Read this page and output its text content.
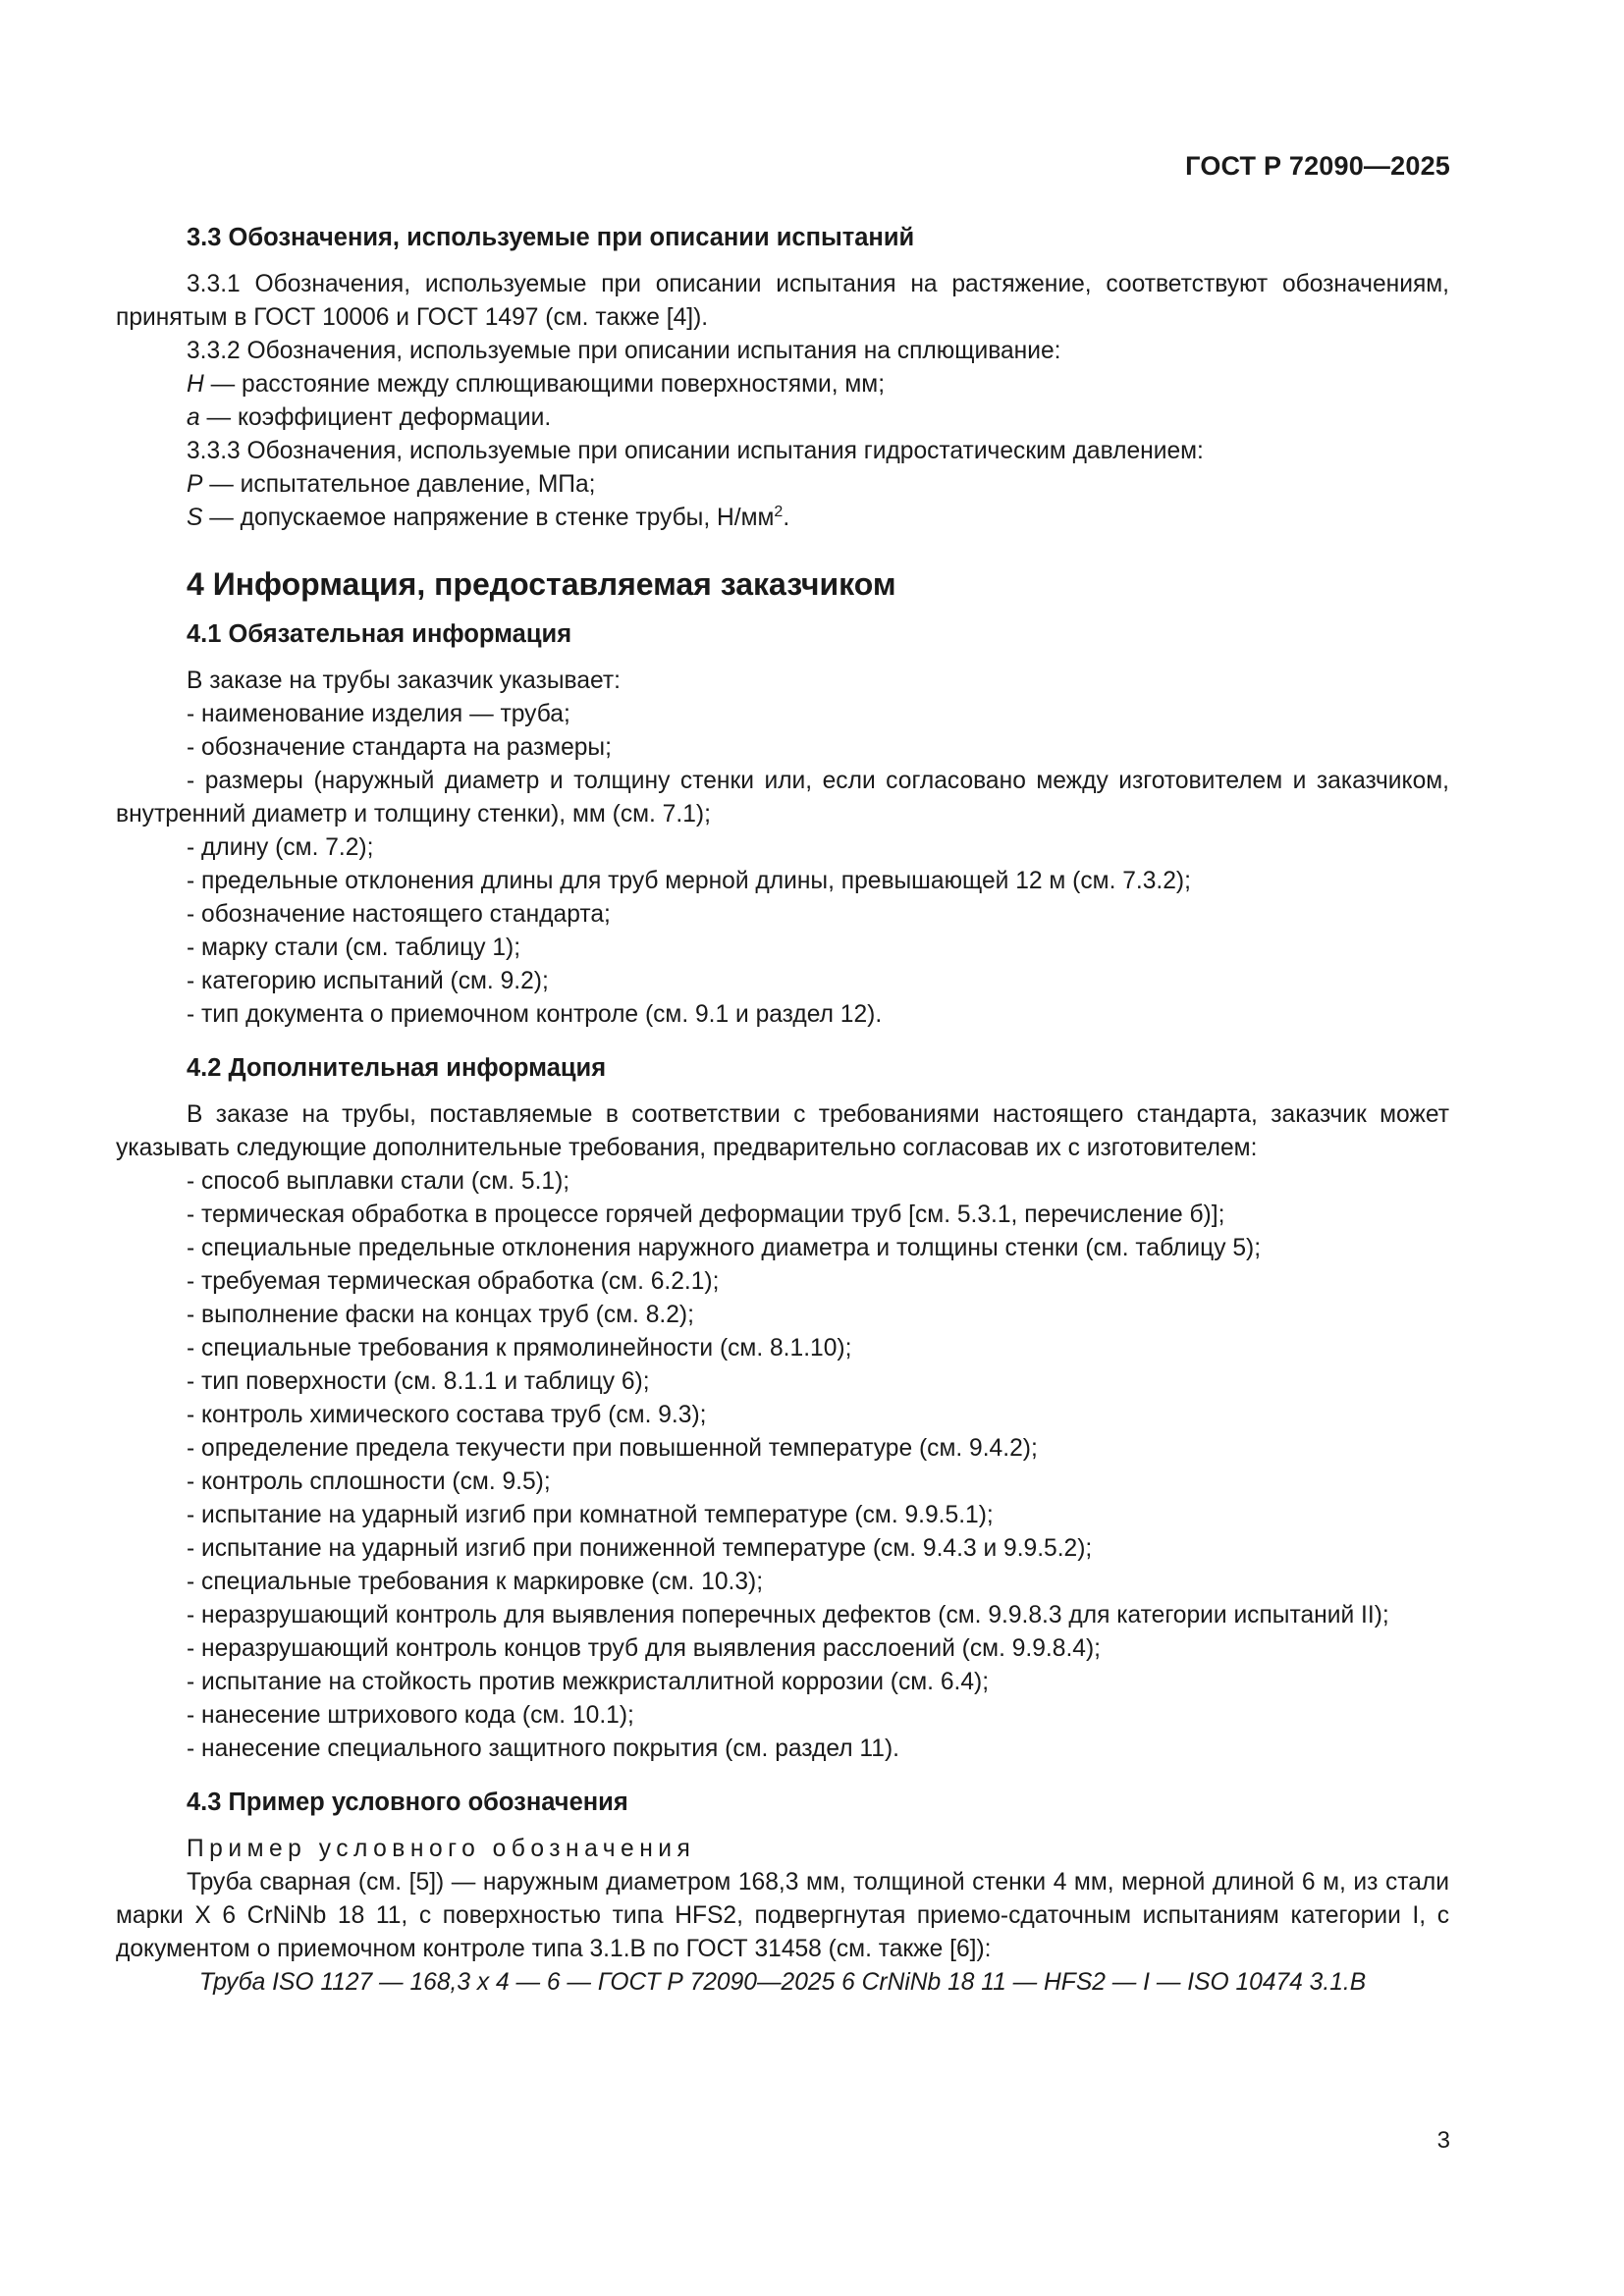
ГОСТ Р 72090—2025

3.3 Обозначения, используемые при описании испытаний

3.3.1 Обозначения, используемые при описании испытания на растяжение, соответствуют обозначениям, принятым в ГОСТ 10006 и ГОСТ 1497 (см. также [4]).

3.3.2 Обозначения, используемые при описании испытания на сплющивание:

H — расстояние между сплющивающими поверхностями, мм;

a — коэффициент деформации.

3.3.3 Обозначения, используемые при описании испытания гидростатическим давлением:

P — испытательное давление, МПа;

S — допускаемое напряжение в стенке трубы, $Н/мм^2$.

4 Информация, предоставляемая заказчиком

4.1 Обязательная информация

В заказе на трубы заказчик указывает:

- наименование изделия — труба;

- обозначение стандарта на размеры;

- размеры (наружный диаметр и толщину стенки или, если согласовано между изготовителем и заказчиком, внутренний диаметр и толщину стенки), мм (см. 7.1);

- длину (см. 7.2);

- предельные отклонения длины для труб мерной длины, превышающей 12 м (см. 7.3.2);

- обозначение настоящего стандарта;

- марку стали (см. таблицу 1);

- категорию испытаний (см. 9.2);

- тип документа о приемочном контроле (см. 9.1 и раздел 12).

4.2 Дополнительная информация

В заказе на трубы, поставляемые в соответствии с требованиями настоящего стандарта, заказчик может указывать следующие дополнительные требования, предварительно согласовав их с изготовителем:

- способ выплавки стали (см. 5.1);

- термическая обработка в процессе горячей деформации труб [см. 5.3.1, перечисление б)];

- специальные предельные отклонения наружного диаметра и толщины стенки (см. таблицу 5);

- требуемая термическая обработка (см. 6.2.1);

- выполнение фаски на концах труб (см. 8.2);

- специальные требования к прямолинейности (см. 8.1.10);

- тип поверхности (см. 8.1.1 и таблицу 6);

- контроль химического состава труб (см. 9.3);

- определение предела текучести при повышенной температуре (см. 9.4.2);

- контроль сплошности (см. 9.5);

- испытание на ударный изгиб при комнатной температуре (см. 9.9.5.1);

- испытание на ударный изгиб при пониженной температуре (см. 9.4.3 и 9.9.5.2);

- специальные требования к маркировке (см. 10.3);

- неразрушающий контроль для выявления поперечных дефектов (см. 9.9.8.3 для категории испытаний II);

- неразрушающий контроль концов труб для выявления расслоений (см. 9.9.8.4);

- испытание на стойкость против межкристаллитной коррозии (см. 6.4);

- нанесение штрихового кода (см. 10.1);

- нанесение специального защитного покрытия (см. раздел 11).

4.3 Пример условного обозначения

Пример условного обозначения

Труба сварная (см. [5]) — наружным диаметром 168,3 мм, толщиной стенки 4 мм, мерной длиной 6 м, из стали марки Х 6 CrNiNb 18 11, с поверхностью типа HFS2, подвергнутая приемо-сдаточным испытаниям категории I, с документом о приемочном контроле типа 3.1.В по ГОСТ 31458 (см. также [6]):

Труба ISO 1127 — 168,3 х 4 — 6 — ГОСТ Р 72090—2025 6 CrNiNb 18 11 — HFS2 — I — ISO 10474 3.1.B

3
